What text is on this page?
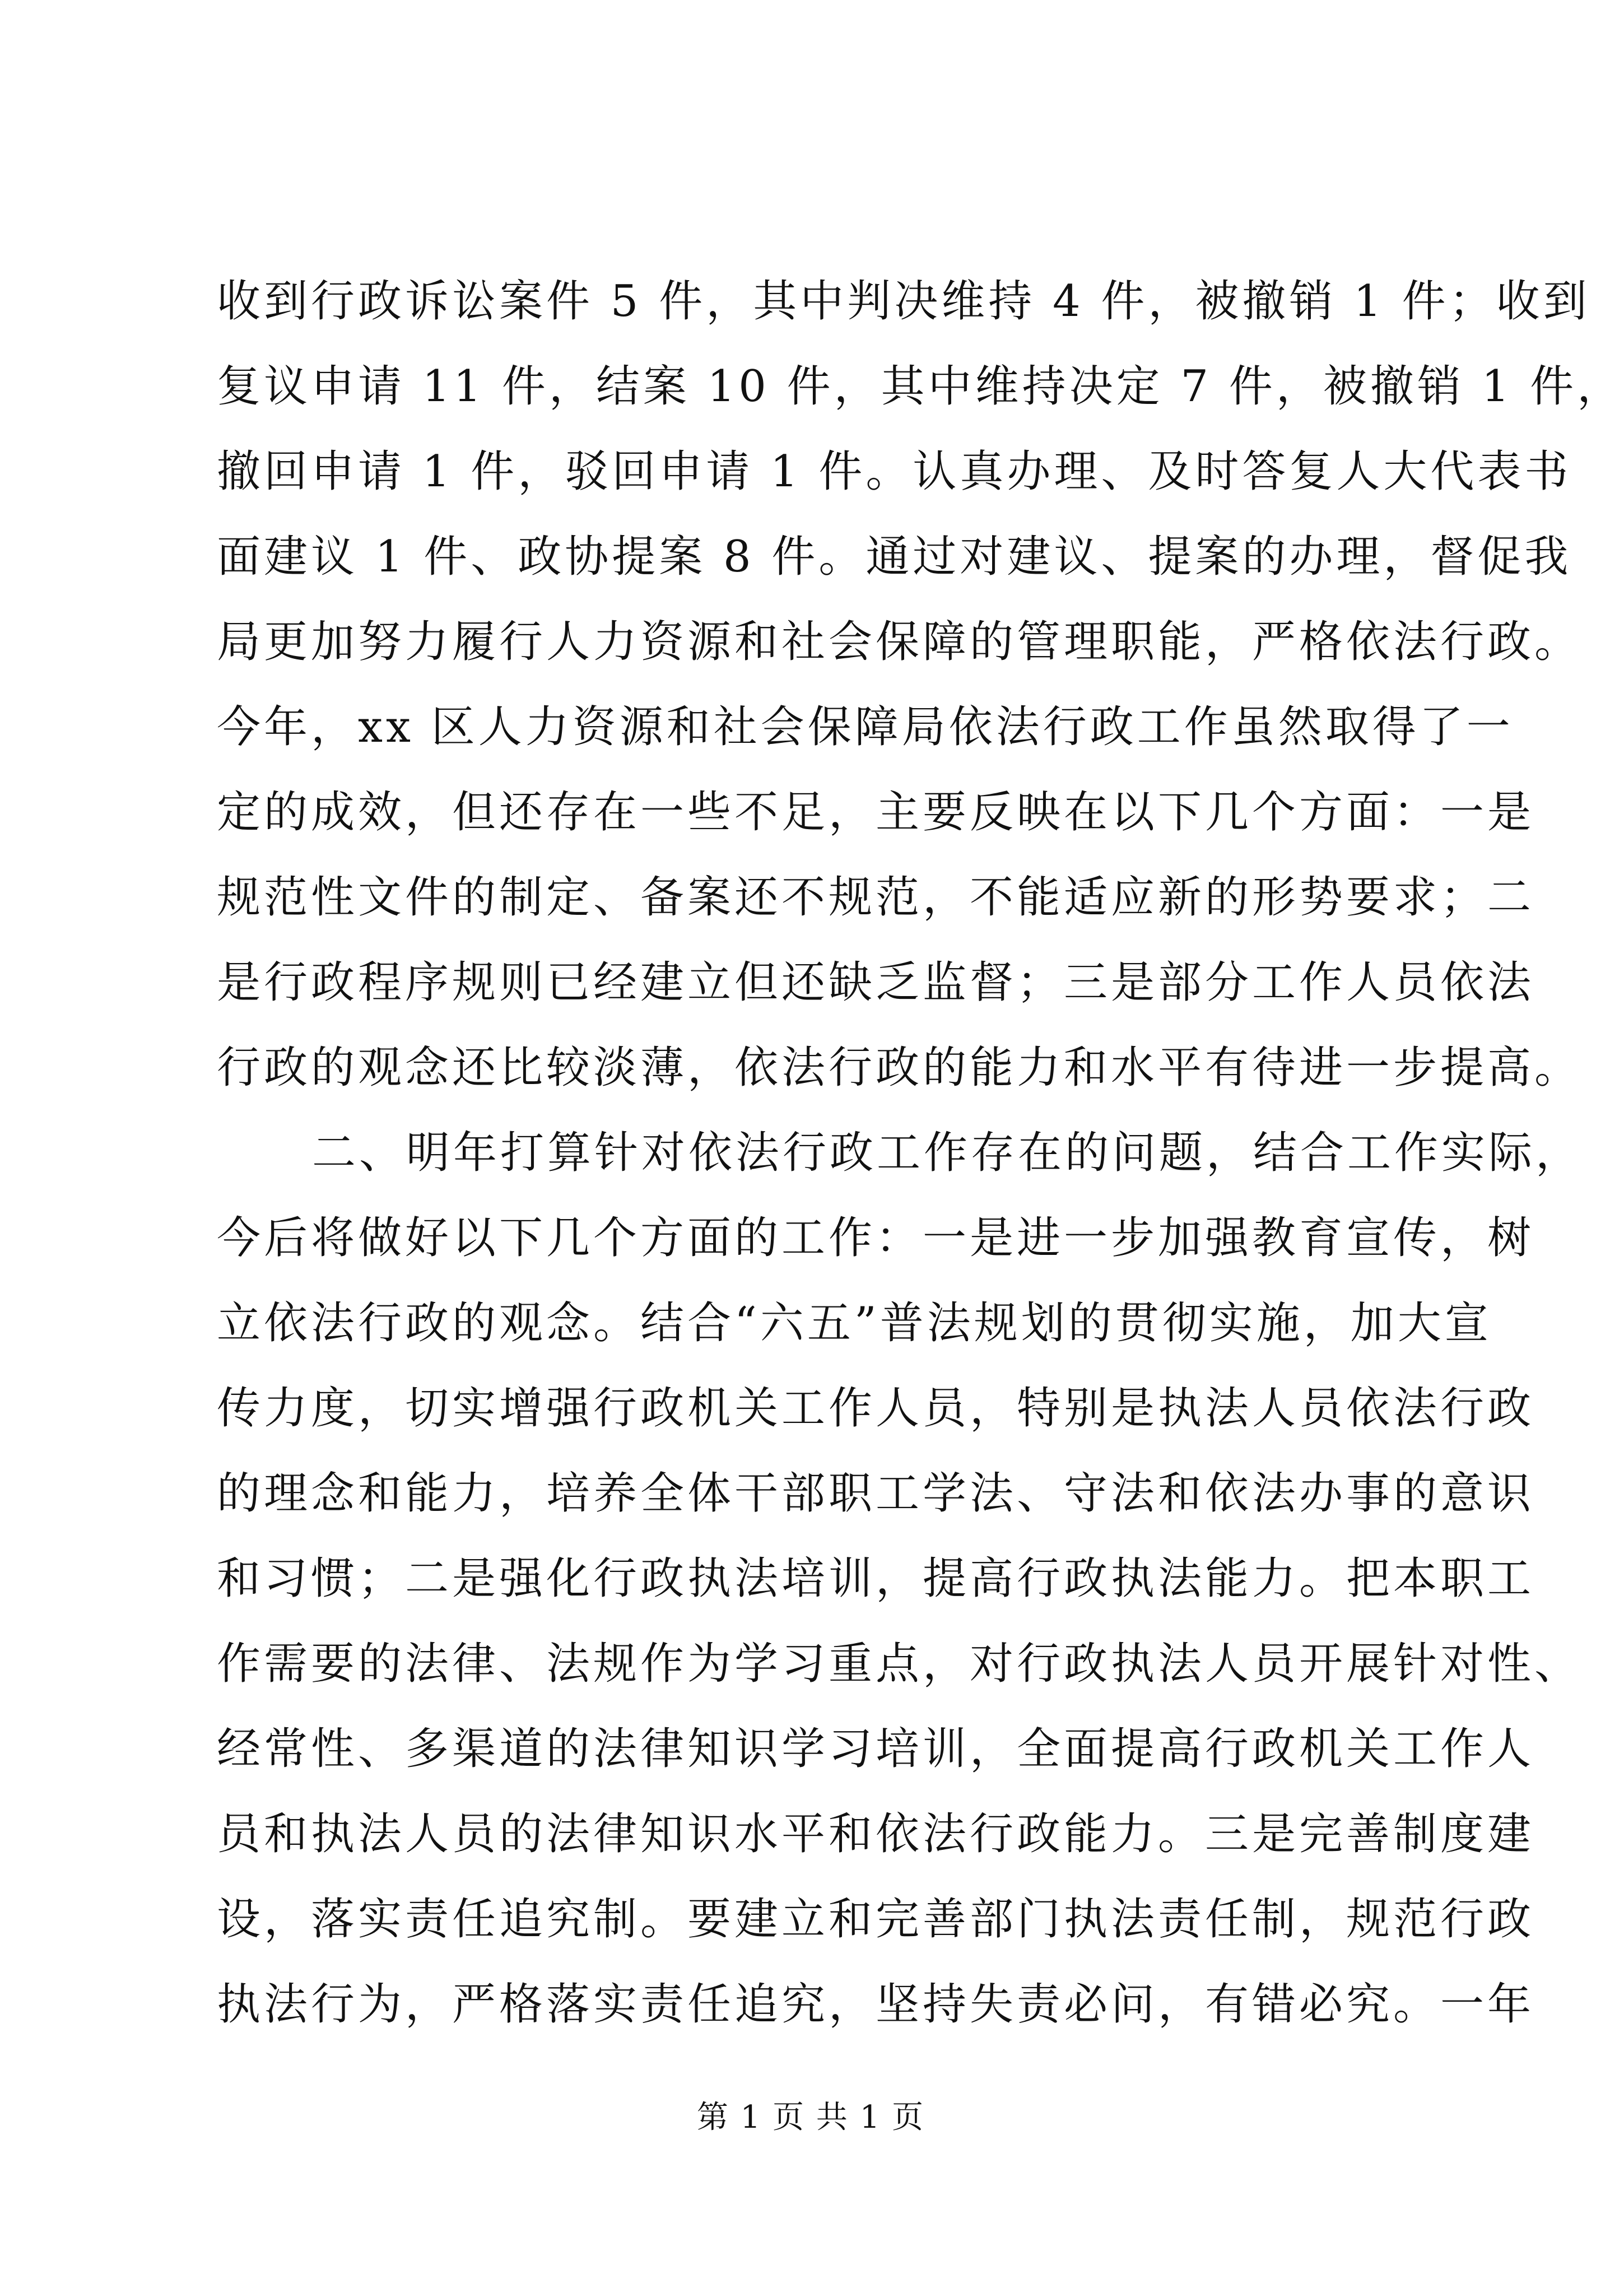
收到行政诉讼案件 5 件，其中判决维持 4 件，被撤销 1 件；收到
复议申请 11 件，结案 10 件，其中维持决定 7 件，被撤销 1 件，
撤回申请 1 件，驳回申请 1 件。认真办理、及时答复人大代表书
面建议 1 件、政协提案 8 件。通过对建议、提案的办理，督促我
局更加努力履行人力资源和社会保障的管理职能，严格依法行政。
今年，xx 区人力资源和社会保障局依法行政工作虽然取得了一
定的成效，但还存在一些不足，主要反映在以下几个方面：一是
规范性文件的制定、备案还不规范，不能适应新的形势要求；二
是行政程序规则已经建立但还缺乏监督；三是部分工作人员依法
行政的观念还比较淡薄，依法行政的能力和水平有待进一步提高。
二、明年打算针对依法行政工作存在的问题，结合工作实际，
今后将做好以下几个方面的工作：一是进一步加强教育宣传，树
立依法行政的观念。结合“六五”普法规划的贯彻实施，加大宣
传力度，切实增强行政机关工作人员，特别是执法人员依法行政
的理念和能力，培养全体干部职工学法、守法和依法办事的意识
和习惯；二是强化行政执法培训，提高行政执法能力。把本职工
作需要的法律、法规作为学习重点，对行政执法人员开展针对性、
经常性、多渠道的法律知识学习培训，全面提高行政机关工作人
员和执法人员的法律知识水平和依法行政能力。三是完善制度建
设，落实责任追究制。要建立和完善部门执法责任制，规范行政
执法行为，严格落实责任追究，坚持失责必问，有错必究。一年
第 1 页 共 1 页
